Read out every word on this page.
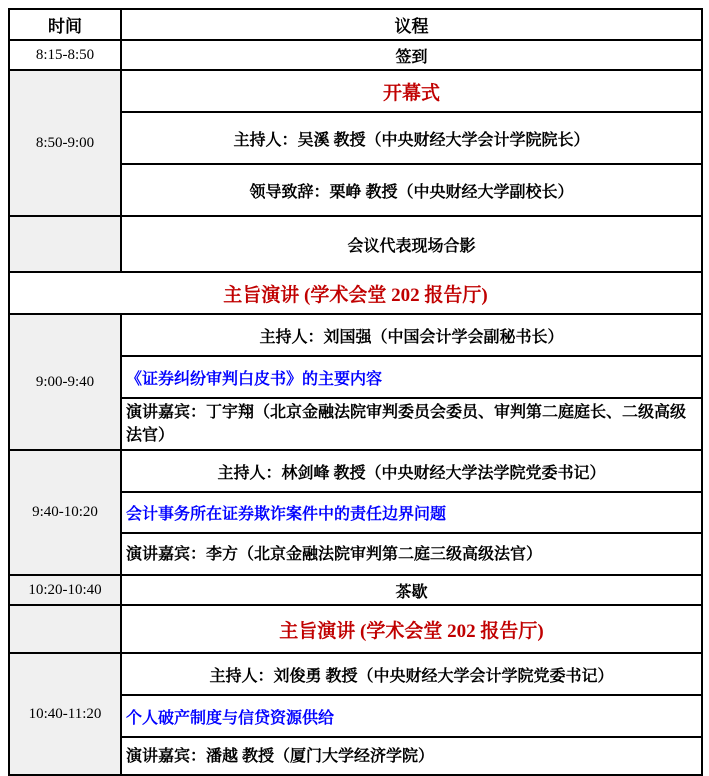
时间	议程
8:15-8:50	签到
8:50-9:00	开幕式
	主持人：吴溪 教授（中央财经大学会计学院院长）
	领导致辞：栗峥 教授（中央财经大学副校长）
	会议代表现场合影
主旨演讲 (学术会堂 202 报告厅)	
9:00-9:40	主持人：刘国强（中国会计学会副秘书长）
	《证券纠纷审判白皮书》的主要内容
	演讲嘉宾：丁宇翔（北京金融法院审判委员会委员、审判第二庭庭长、二级高级法官）
9:40-10:20	主持人：林剑峰 教授（中央财经大学法学院党委书记）
	会计事务所在证券欺诈案件中的责任边界问题
	演讲嘉宾：李方（北京金融法院审判第二庭三级高级法官）
10:20-10:40	茶歇
	主旨演讲 (学术会堂 202 报告厅)
10:40-11:20	主持人：刘俊勇 教授（中央财经大学会计学院党委书记）
	个人破产制度与信贷资源供给
	演讲嘉宾：潘越 教授（厦门大学经济学院）
